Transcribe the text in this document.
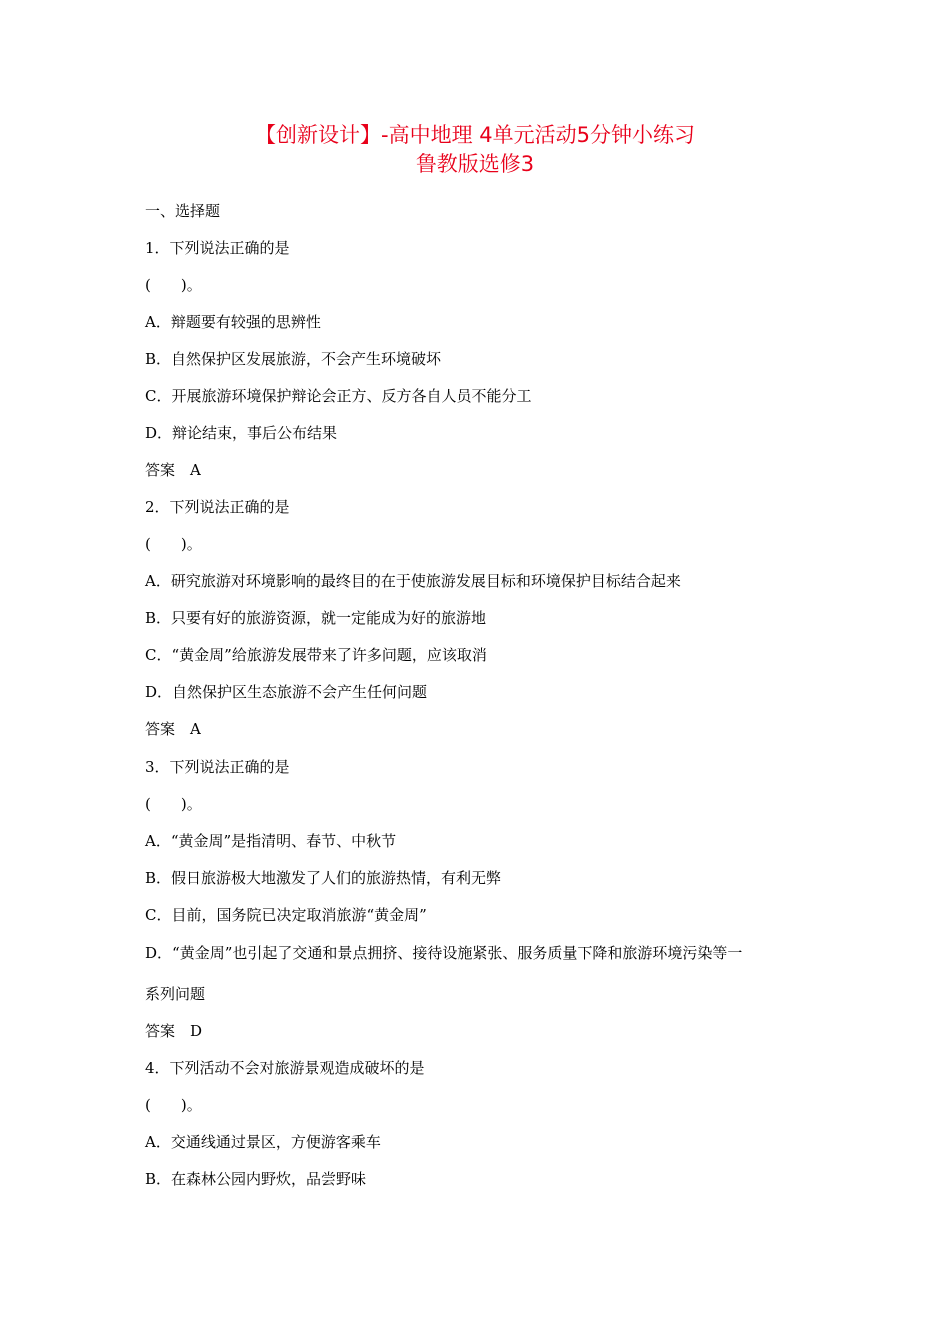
【创新设计】-高中地理 4单元活动5分钟小练习
鲁教版选修3

一、选择题

1．下列说法正确的是

(　　)。

A．辩题要有较强的思辨性

B．自然保护区发展旅游，不会产生环境破坏

C．开展旅游环境保护辩论会正方、反方各自人员不能分工

D．辩论结束，事后公布结果

答案　A

2．下列说法正确的是

(　　)。

A．研究旅游对环境影响的最终目的在于使旅游发展目标和环境保护目标结合起来

B．只要有好的旅游资源，就一定能成为好的旅游地

C．“黄金周”给旅游发展带来了许多问题，应该取消

D．自然保护区生态旅游不会产生任何问题

答案　A

3．下列说法正确的是

(　　)。

A．“黄金周”是指清明、春节、中秋节

B．假日旅游极大地激发了人们的旅游热情，有利无弊

C．目前，国务院已决定取消旅游“黄金周”

D．“黄金周”也引起了交通和景点拥挤、接待设施紧张、服务质量下降和旅游环境污染等一

系列问题

答案　D

4．下列活动不会对旅游景观造成破坏的是

(　　)。

A．交通线通过景区，方便游客乘车

B．在森林公园内野炊，品尝野味
